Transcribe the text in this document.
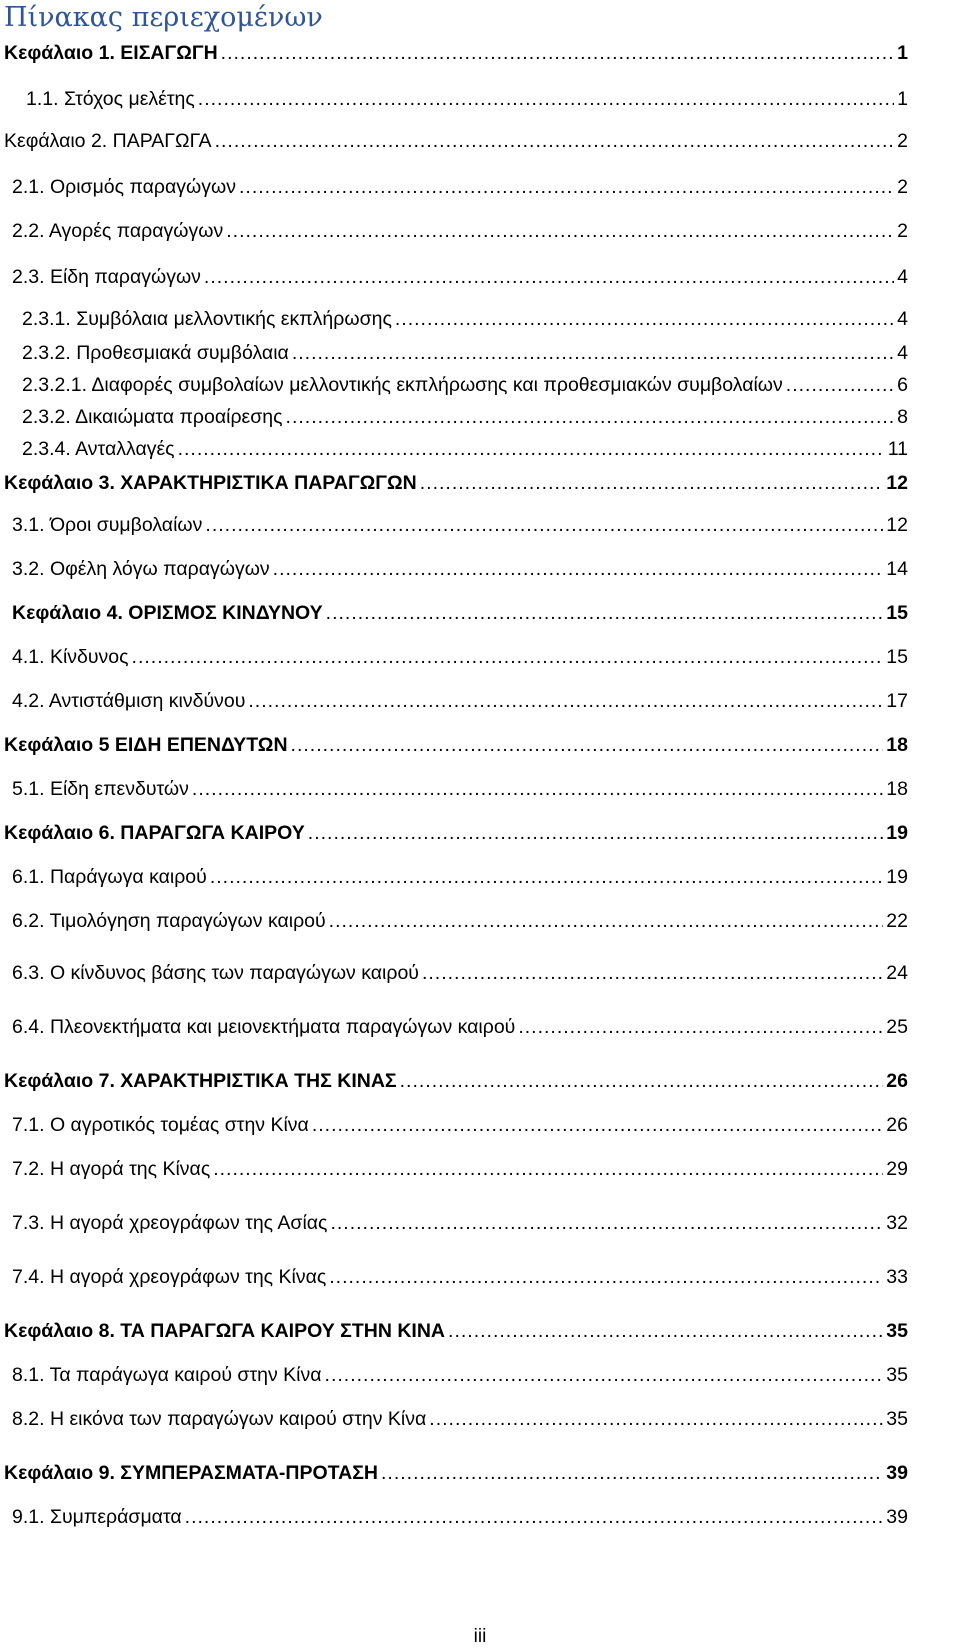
Πίνακας περιεχομένων
Κεφάλαιο 1. ΕΙΣΑΓΩΓΗ .....	1
1.1. Στόχος μελέτης .....	1
Κεφάλαιο 2. ΠΑΡΑΓΩΓΑ .....	2
2.1. Ορισμός παραγώγων .....	2
2.2. Αγορές παραγώγων .....	2
2.3. Είδη παραγώγων .....	4
2.3.1. Συμβόλαια μελλοντικής εκπλήρωσης .....	4
2.3.2. Προθεσμιακά συμβόλαια .....	4
2.3.2.1. Διαφορές συμβολαίων μελλοντικής εκπλήρωσης και προθεσμιακών συμβολαίων .....	6
2.3.2. Δικαιώματα προαίρεσης .....	8
2.3.4. Ανταλλαγές .....	11
Κεφάλαιο 3. ΧΑΡΑΚΤΗΡΙΣΤΙΚΑ ΠΑΡΑΓΩΓΩΝ .....	12
3.1. Όροι συμβολαίων .....	12
3.2. Οφέλη λόγω παραγώγων .....	14
Κεφάλαιο 4. ΟΡΙΣΜΟΣ ΚΙΝΔΥΝΟΥ .....	15
4.1. Κίνδυνος .....	15
4.2. Αντιστάθμιση κινδύνου .....	17
Κεφάλαιο 5 ΕΙΔΗ ΕΠΕΝΔΥΤΩΝ .....	18
5.1. Είδη επενδυτών .....	18
Κεφάλαιο 6. ΠΑΡΑΓΩΓΑ ΚΑΙΡΟΥ .....	19
6.1. Παράγωγα καιρού .....	19
6.2. Τιμολόγηση παραγώγων καιρού .....	22
6.3. Ο κίνδυνος βάσης των παραγώγων καιρού .....	24
6.4. Πλεονεκτήματα και μειονεκτήματα παραγώγων καιρού .....	25
Κεφάλαιο 7. ΧΑΡΑΚΤΗΡΙΣΤΙΚΑ ΤΗΣ ΚΙΝΑΣ .....	26
7.1. Ο αγροτικός τομέας στην Κίνα .....	26
7.2. Η αγορά της Κίνας .....	29
7.3. Η αγορά χρεογράφων της Ασίας .....	32
7.4. Η αγορά χρεογράφων της Κίνας .....	33
Κεφάλαιο 8. ΤΑ ΠΑΡΑΓΩΓΑ ΚΑΙΡΟΥ ΣΤΗΝ ΚΙΝΑ .....	35
8.1. Τα παράγωγα καιρού στην Κίνα .....	35
8.2. Η εικόνα των παραγώγων καιρού στην Κίνα .....	35
Κεφάλαιο 9. ΣΥΜΠΕΡΑΣΜΑΤΑ-ΠΡΟΤΑΣΗ .....	39
9.1. Συμπεράσματα .....	39
iii
